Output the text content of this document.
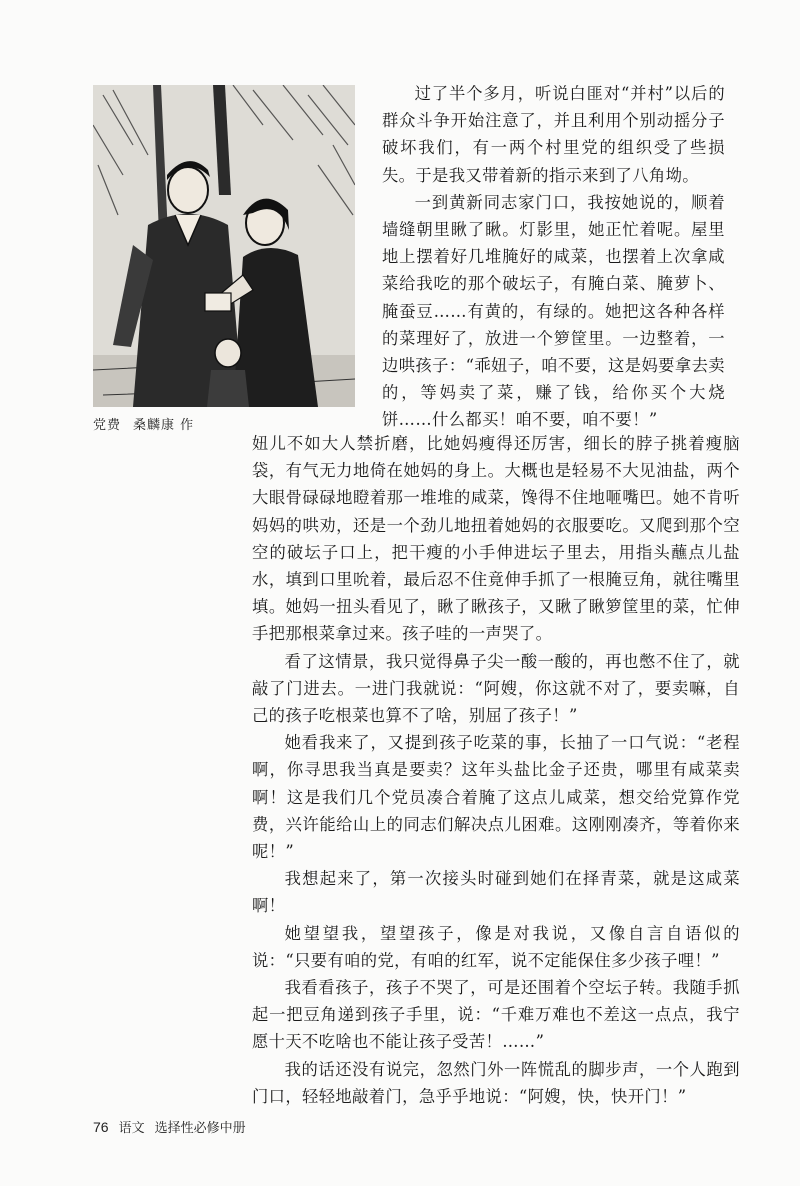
党费 桑麟康 作

过了半个多月，听说白匪对“并村”以后的群众斗争开始注意了，并且利用个别动摇分子破坏我们，有一两个村里党的组织受了些损失。于是我又带着新的指示来到了八角坳。

一到黄新同志家门口，我按她说的，顺着墙缝朝里瞅了瞅。灯影里，她正忙着呢。屋里地上摆着好几堆腌好的咸菜，也摆着上次拿咸菜给我吃的那个破坛子，有腌白菜、腌萝卜、腌蚕豆……有黄的，有绿的。她把这各种各样的菜理好了，放进一个箩筐里。一边整着，一边哄孩子：“乖妞子，咱不要，这是妈要拿去卖的，等妈卖了菜，赚了钱，给你买个大烧饼……什么都买！咱不要，咱不要！”

妞儿不如大人禁折磨，比她妈瘦得还厉害，细长的脖子挑着瘦脑袋，有气无力地倚在她妈的身上。大概也是轻易不大见油盐，两个大眼骨碌碌地瞪着那一堆堆的咸菜，馋得不住地咂嘴巴。她不肯听妈妈的哄劝，还是一个劲儿地扭着她妈的衣服要吃。又爬到那个空空的破坛子口上，把干瘦的小手伸进坛子里去，用指头蘸点儿盐水，填到口里吮着，最后忍不住竟伸手抓了一根腌豆角，就往嘴里填。她妈一扭头看见了，瞅了瞅孩子，又瞅了瞅箩筐里的菜，忙伸手把那根菜拿过来。孩子哇的一声哭了。

看了这情景，我只觉得鼻子尖一酸一酸的，再也憋不住了，就敲了门进去。一进门我就说：“阿嫂，你这就不对了，要卖嘛，自己的孩子吃根菜也算不了啥，别屈了孩子！”

她看我来了，又提到孩子吃菜的事，长抽了一口气说：“老程啊，你寻思我当真是要卖？这年头盐比金子还贵，哪里有咸菜卖啊！这是我们几个党员凑合着腌了这点儿咸菜，想交给党算作党费，兴许能给山上的同志们解决点儿困难。这刚刚凑齐，等着你来呢！”

我想起来了，第一次接头时碰到她们在择青菜，就是这咸菜啊！

她望望我，望望孩子，像是对我说，又像自言自语似的说：“只要有咱的党，有咱的红军，说不定能保住多少孩子哩！”

我看看孩子，孩子不哭了，可是还围着个空坛子转。我随手抓起一把豆角递到孩子手里，说：“千难万难也不差这一点点，我宁愿十天不吃啥也不能让孩子受苦！……”

我的话还没有说完，忽然门外一阵慌乱的脚步声，一个人跑到门口，轻轻地敲着门，急乎乎地说：“阿嫂，快，快开门！”

76 语文 选择性必修中册
